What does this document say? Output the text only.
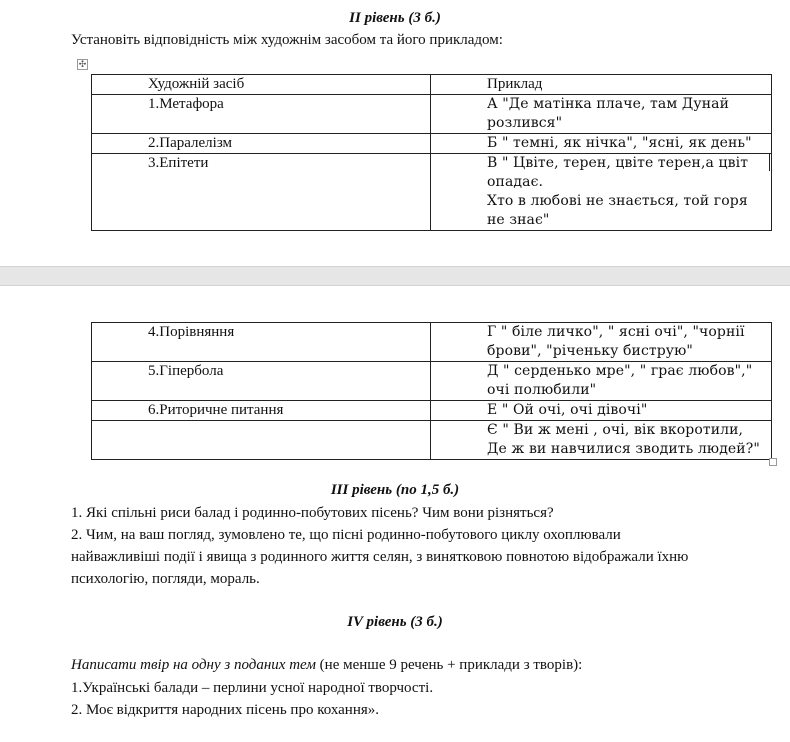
ІІ рівень (3 б.)
Установіть відповідність між художнім засобом та його прикладом:
✣
Художній засіб	Приклад
1.Метафора	А "Де матінка плаче, там Дунай
розлився"

2.Паралелізм	Б " темні, як нічка", "ясні, як день"

3.Епітети	В " Цвіте, терен, цвіте терен,а цвіт
опадає.
Хто в любові не знається, той горя
не знає"
4.Порівняння	Г " біле личко", " ясні очі", "чорнії
брови", "річеньку биструю"

5.Гіпербола	Д " серденько мре", " грає любов","
очі полюбили"

6.Риторичне питання	Е " Ой очі, очі дівочі"

	Є " Ви ж мені , очі, вік вкоротили,
Де ж ви навчилися зводить людей?"
ІІІ рівень (по 1,5 б.)
1. Які спільні риси балад і родинно-побутових пісень? Чим вони різняться?
2. Чим, на ваш погляд, зумовлено те, що пісні родинно-побутового циклу охоплювали
найважливіші події і явища з родинного життя селян, з винятковою повнотою відображали їхню
психологію, погляди, мораль.
IV рівень (3 б.)
Написати твір на одну з поданих тем (не менше 9 речень + приклади з творів):
1.Українські балади – перлини усної народної творчості.
2. Моє відкриття народних пісень про кохання».
